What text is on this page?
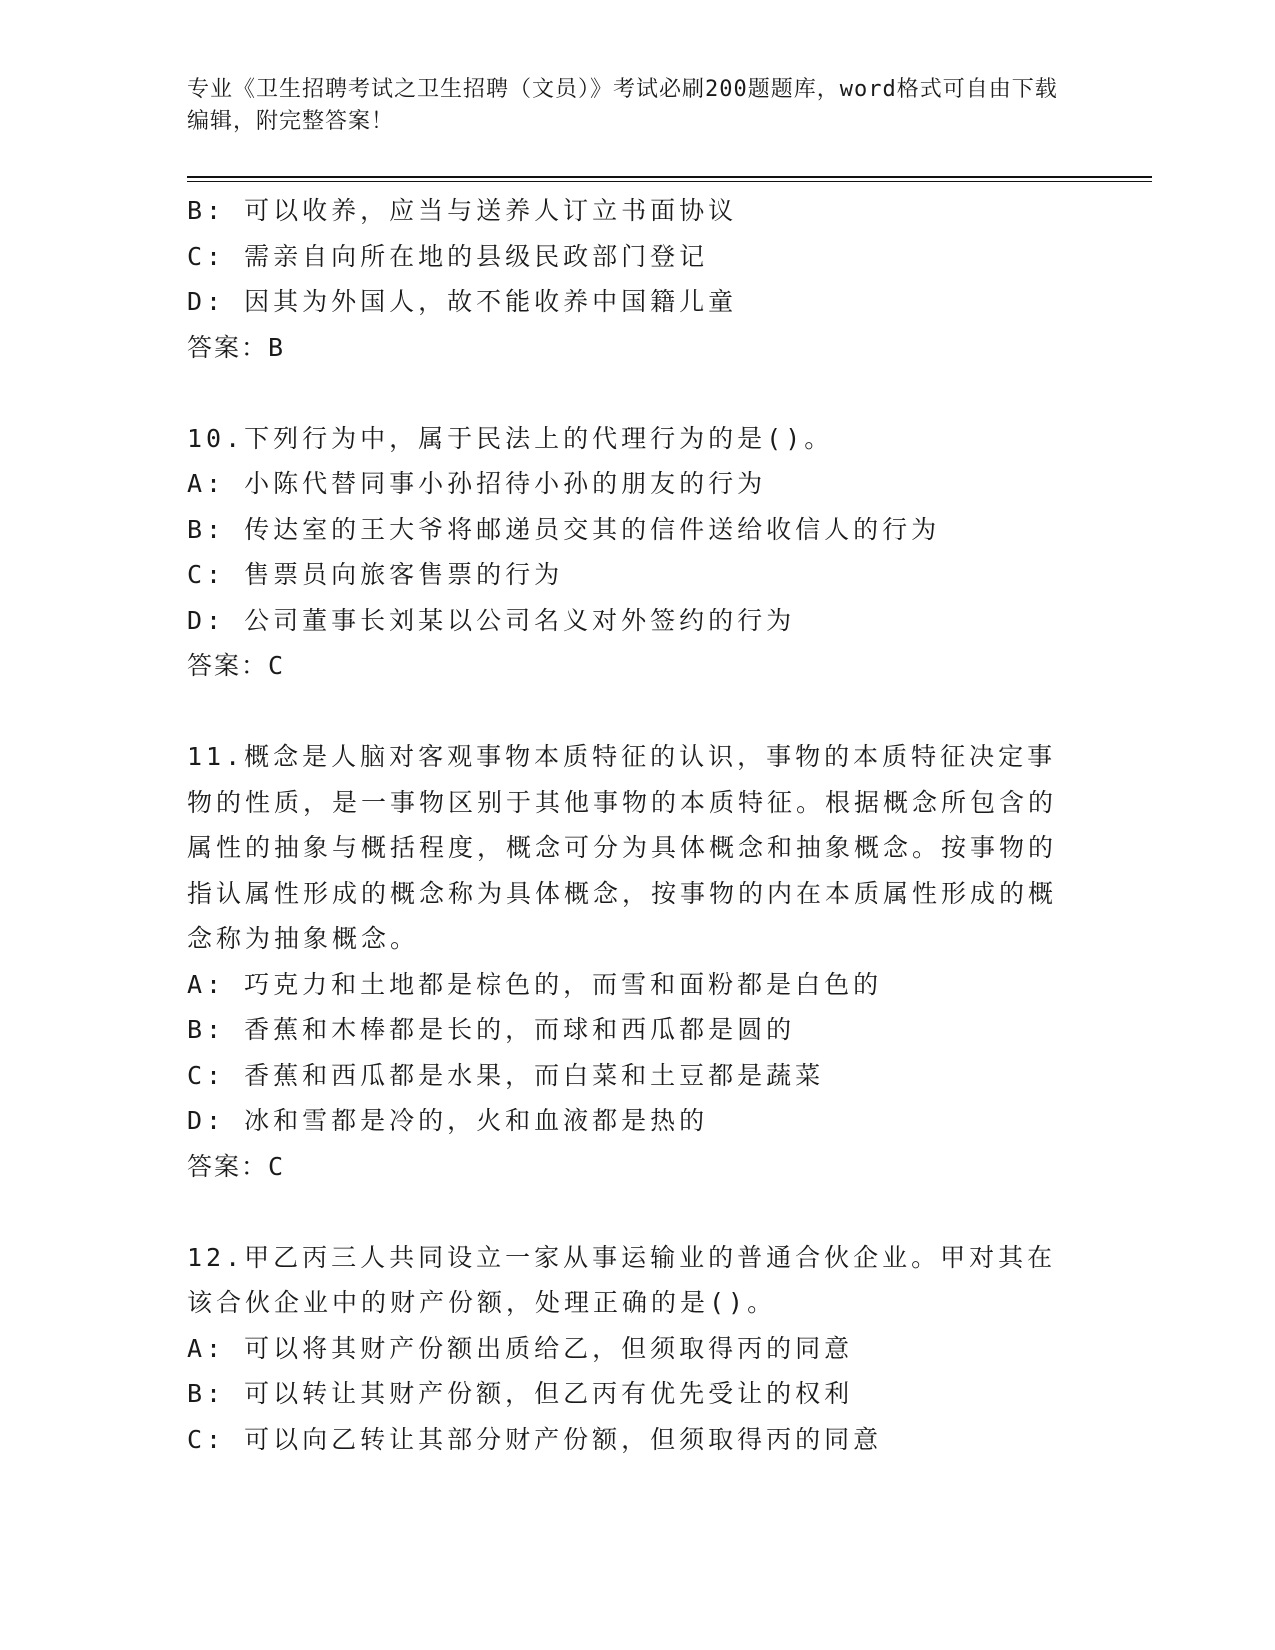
专业《卫生招聘考试之卫生招聘（文员）》考试必刷200题题库，word格式可自由下载编辑，附完整答案！
B: 可以收养，应当与送养人订立书面协议
C: 需亲自向所在地的县级民政部门登记
D: 因其为外国人，故不能收养中国籍儿童
答案：B
10.下列行为中，属于民法上的代理行为的是()。
A: 小陈代替同事小孙招待小孙的朋友的行为
B: 传达室的王大爷将邮递员交其的信件送给收信人的行为
C: 售票员向旅客售票的行为
D: 公司董事长刘某以公司名义对外签约的行为
答案：C
11.概念是人脑对客观事物本质特征的认识，事物的本质特征决定事物的性质，是一事物区别于其他事物的本质特征。根据概念所包含的属性的抽象与概括程度，概念可分为具体概念和抽象概念。按事物的指认属性形成的概念称为具体概念，按事物的内在本质属性形成的概念称为抽象概念。
A: 巧克力和土地都是棕色的，而雪和面粉都是白色的
B: 香蕉和木棒都是长的，而球和西瓜都是圆的
C: 香蕉和西瓜都是水果，而白菜和土豆都是蔬菜
D: 冰和雪都是冷的，火和血液都是热的
答案：C
12.甲乙丙三人共同设立一家从事运输业的普通合伙企业。甲对其在该合伙企业中的财产份额，处理正确的是()。
A: 可以将其财产份额出质给乙，但须取得丙的同意
B: 可以转让其财产份额，但乙丙有优先受让的权利
C: 可以向乙转让其部分财产份额，但须取得丙的同意
